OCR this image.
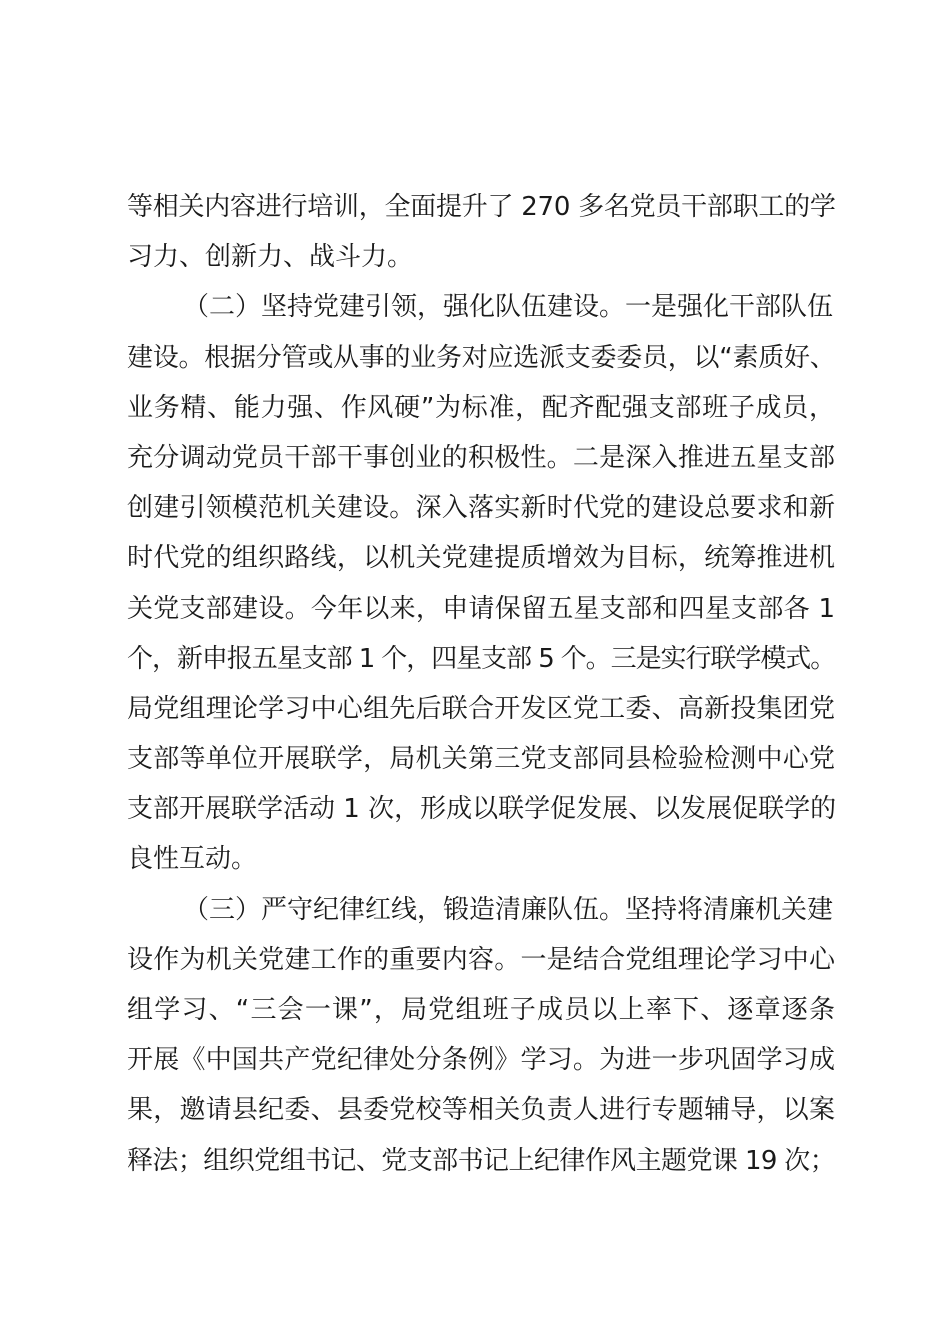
等相关内容进行培训，全面提升了 270 多名党员干部职工的学
习力、创新力、战斗力。
（二）坚持党建引领，强化队伍建设。一是强化干部队伍
建设。根据分管或从事的业务对应选派支委委员，以“素质好、
业务精、能力强、作风硬”为标准，配齐配强支部班子成员，
充分调动党员干部干事创业的积极性。二是深入推进五星支部
创建引领模范机关建设。深入落实新时代党的建设总要求和新
时代党的组织路线，以机关党建提质增效为目标，统筹推进机
关党支部建设。今年以来，申请保留五星支部和四星支部各 1
个，新申报五星支部 1 个，四星支部 5 个。三是实行联学模式。
局党组理论学习中心组先后联合开发区党工委、高新投集团党
支部等单位开展联学，局机关第三党支部同县检验检测中心党
支部开展联学活动 1 次，形成以联学促发展、以发展促联学的
良性互动。
（三）严守纪律红线，锻造清廉队伍。坚持将清廉机关建
设作为机关党建工作的重要内容。一是结合党组理论学习中心
组学习、“三会一课”，局党组班子成员以上率下、逐章逐条
开展《中国共产党纪律处分条例》学习。为进一步巩固学习成
果，邀请县纪委、县委党校等相关负责人进行专题辅导，以案
释法；组织党组书记、党支部书记上纪律作风主题党课 19 次；
